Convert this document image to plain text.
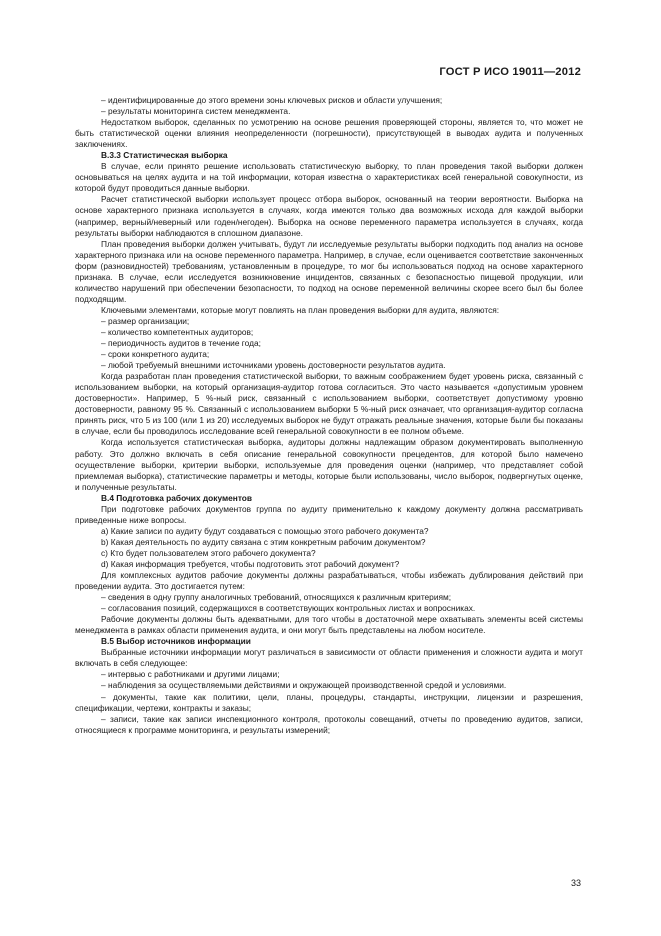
ГОСТ Р ИСО 19011—2012

– идентифицированные до этого времени зоны ключевых рисков и области улучшения;

– результаты мониторинга систем менеджмента.

Недостатком выборок, сделанных по усмотрению на основе решения проверяющей стороны, является то, что может не быть статистической оценки влияния неопределенности (погрешности), присутствующей в выводах аудита и полученных заключениях.

B.3.3 Статистическая выборка

В случае, если принято решение использовать статистическую выборку, то план проведения такой выборки должен основываться на целях аудита и на той информации, которая известна о характеристиках всей генеральной совокупности, из которой будут проводиться данные выборки.

Расчет статистической выборки использует процесс отбора выборок, основанный на теории вероятности. Выборка на основе характерного признака используется в случаях, когда имеются только два возможных исхода для каждой выборки (например, верный/неверный или годен/негоден). Выборка на основе переменного параметра используется в случаях, когда результаты выборки наблюдаются в сплошном диапазоне.

План проведения выборки должен учитывать, будут ли исследуемые результаты выборки подходить под анализ на основе характерного признака или на основе переменного параметра. Например, в случае, если оценивается соответствие законченных форм (разновидностей) требованиям, установленным в процедуре, то мог бы использоваться подход на основе характерного признака. В случае, если исследуется возникновение инцидентов, связанных с безопасностью пищевой продукции, или количество нарушений при обеспечении безопасности, то подход на основе переменной величины скорее всего был бы более подходящим.

Ключевыми элементами, которые могут повлиять на план проведения выборки для аудита, являются:

– размер организации;

– количество компетентных аудиторов;

– периодичность аудитов в течение года;

– сроки конкретного аудита;

– любой требуемый внешними источниками уровень достоверности результатов аудита.

Когда разработан план проведения статистической выборки, то важным соображением будет уровень риска, связанный с использованием выборки, на который организация-аудитор готова согласиться. Это часто называется «допустимым уровнем достоверности». Например, 5 %-ный риск, связанный с использованием выборки, соответствует допустимому уровню достоверности, равному 95 %. Связанный с использованием выборки 5 %-ный риск означает, что организация-аудитор согласна принять риск, что 5 из 100 (или 1 из 20) исследуемых выборок не будут отражать реальные значения, которые были бы показаны в случае, если бы проводилось исследование всей генеральной совокупности в ее полном объеме.

Когда используется статистическая выборка, аудиторы должны надлежащим образом документировать выполненную работу. Это должно включать в себя описание генеральной совокупности прецедентов, для которой было намечено осуществление выборки, критерии выборки, используемые для проведения оценки (например, что представляет собой приемлемая выборка), статистические параметры и методы, которые были использованы, число выборок, подвергнутых оценке, и полученные результаты.

B.4 Подготовка рабочих документов

При подготовке рабочих документов группа по аудиту применительно к каждому документу должна рассматривать приведенные ниже вопросы.

a) Какие записи по аудиту будут создаваться с помощью этого рабочего документа?

b) Какая деятельность по аудиту связана с этим конкретным рабочим документом?

c) Кто будет пользователем этого рабочего документа?

d) Какая информация требуется, чтобы подготовить этот рабочий документ?

Для комплексных аудитов рабочие документы должны разрабатываться, чтобы избежать дублирования действий при проведении аудита. Это достигается путем:

– сведения в одну группу аналогичных требований, относящихся к различным критериям;

– согласования позиций, содержащихся в соответствующих контрольных листах и вопросниках.

Рабочие документы должны быть адекватными, для того чтобы в достаточной мере охватывать элементы всей системы менеджмента в рамках области применения аудита, и они могут быть представлены на любом носителе.

B.5 Выбор источников информации

Выбранные источники информации могут различаться в зависимости от области применения и сложности аудита и могут включать в себя следующее:

– интервью с работниками и другими лицами;

– наблюдения за осуществляемыми действиями и окружающей производственной средой и условиями.

– документы, такие как политики, цели, планы, процедуры, стандарты, инструкции, лицензии и разрешения, спецификации, чертежи, контракты и заказы;

– записи, такие как записи инспекционного контроля, протоколы совещаний, отчеты по проведению аудитов, записи, относящиеся к программе мониторинга, и результаты измерений;

33
